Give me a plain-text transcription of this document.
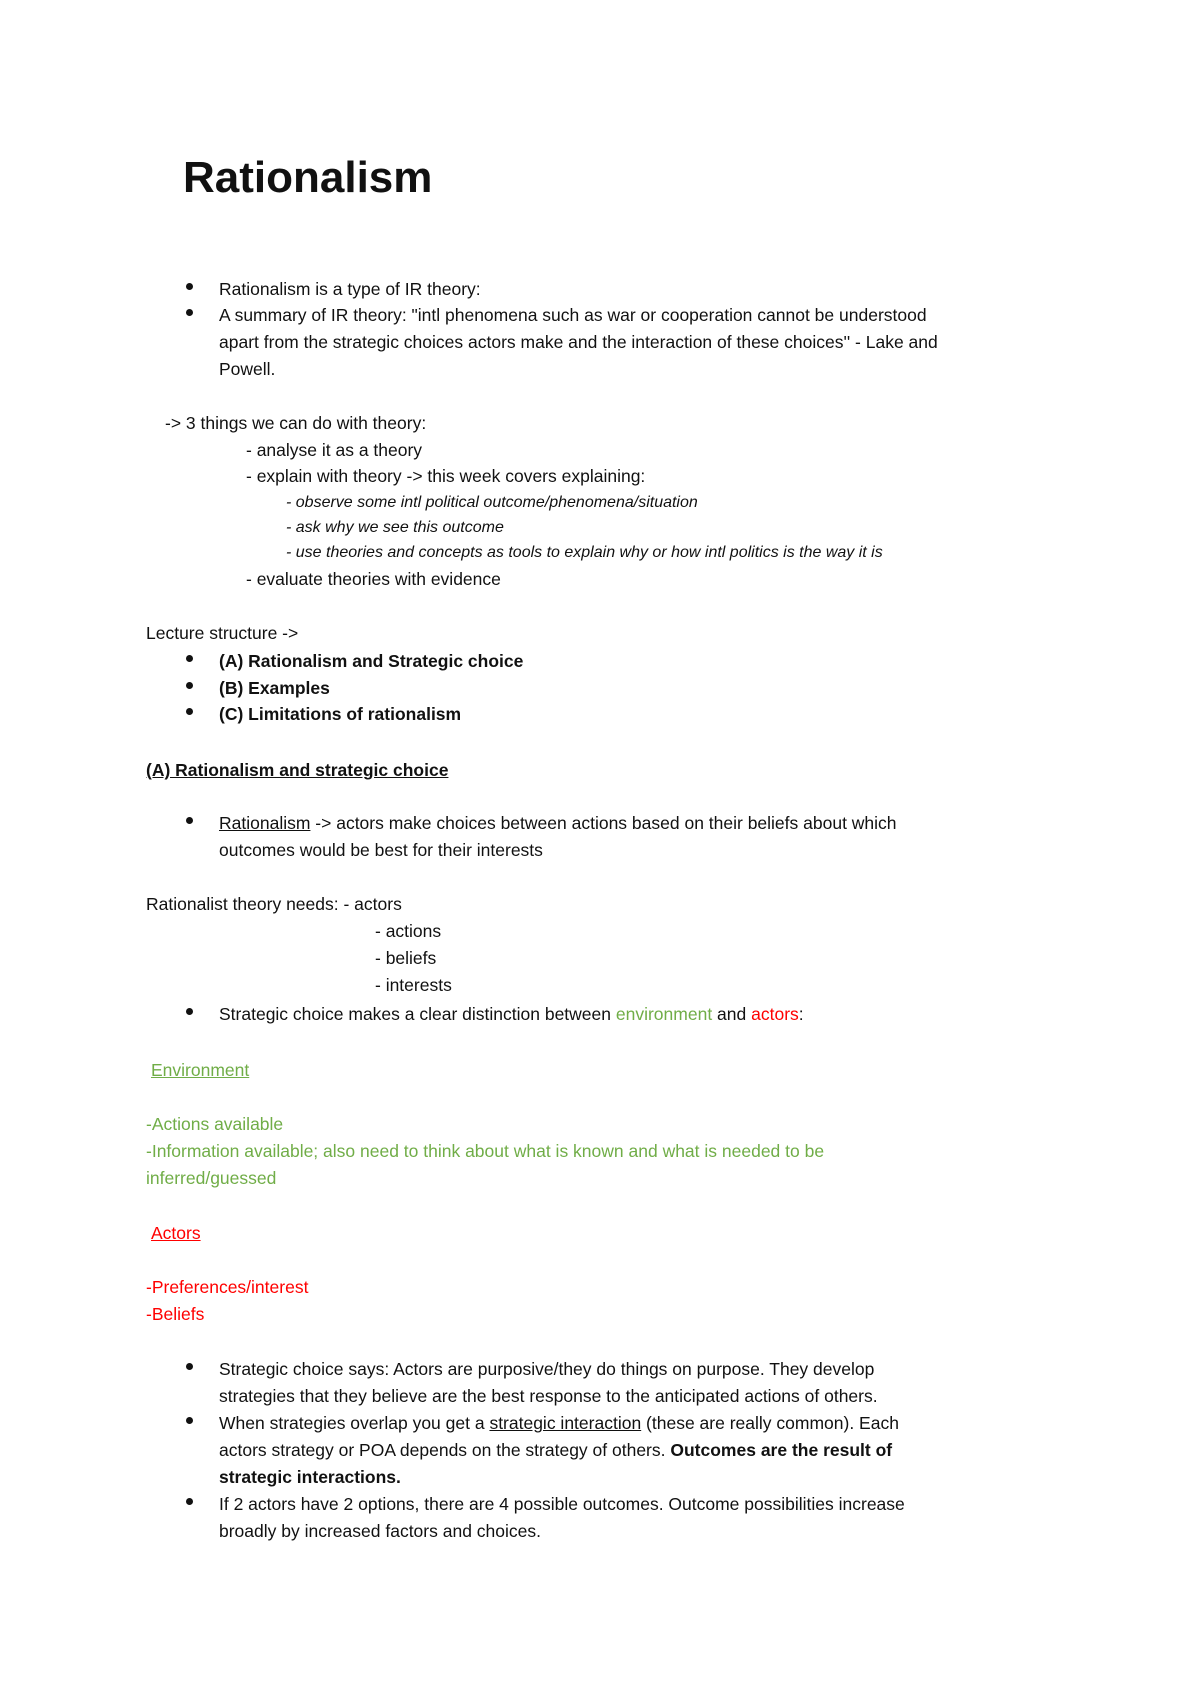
Rationalism
Rationalism is a type of IR theory:
A summary of IR theory: "intl phenomena such as war or cooperation cannot be understood
apart from the strategic choices actors make and the interaction of these choices'' - Lake and
Powell.
-> 3 things we can do with theory:
- analyse it as a theory
- explain with theory -> this week covers explaining:
- observe some intl political outcome/phenomena/situation
- ask why we see this outcome
- use theories and concepts as tools to explain why or how intl politics is the way it is
- evaluate theories with evidence
Lecture structure ->
(A) Rationalism and Strategic choice
(B) Examples
(C) Limitations of rationalism
(A) Rationalism and strategic choice
Rationalism -> actors make choices between actions based on their beliefs about which
outcomes would be best for their interests
Rationalist theory needs: - actors
- actions
- beliefs
- interests
Strategic choice makes a clear distinction between environment and actors:
Environment
-Actions available
-Information available; also need to think about what is known and what is needed to be
inferred/guessed
Actors
-Preferences/interest
-Beliefs
Strategic choice says: Actors are purposive/they do things on purpose. They develop
strategies that they believe are the best response to the anticipated actions of others.
When strategies overlap you get a strategic interaction (these are really common). Each
actors strategy or POA depends on the strategy of others. Outcomes are the result of
strategic interactions.
If 2 actors have 2 options, there are 4 possible outcomes. Outcome possibilities increase
broadly by increased factors and choices.
